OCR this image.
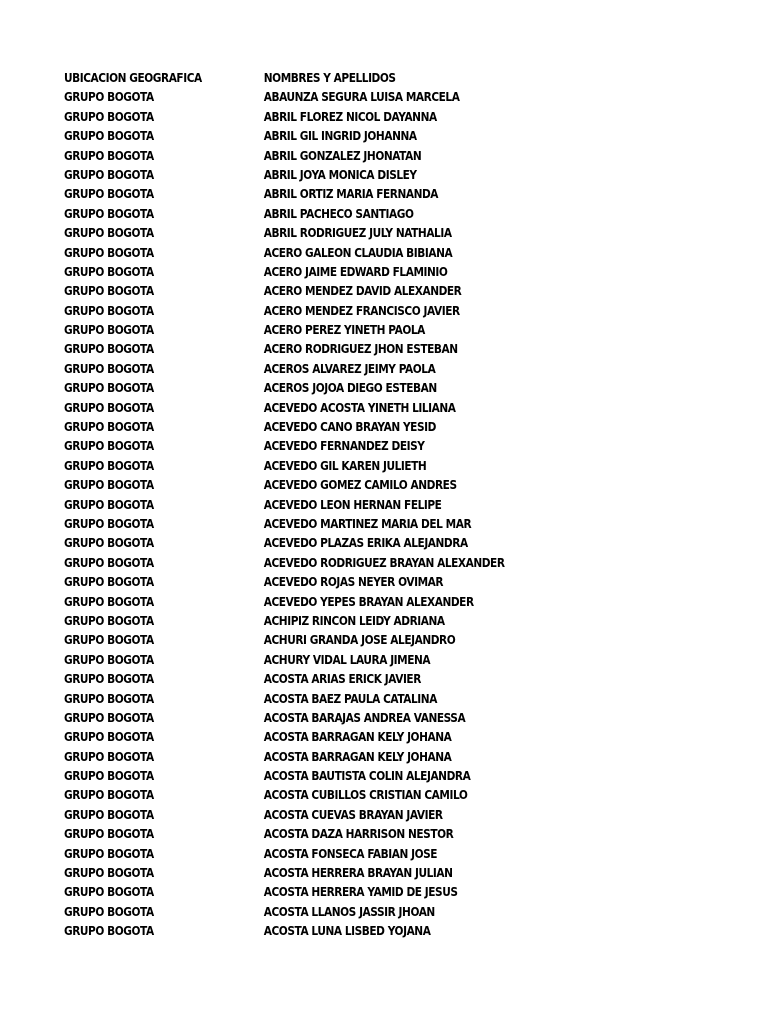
UBICACION GEOGRAFICA	NOMBRES Y APELLIDOS
GRUPO BOGOTA	ABAUNZA SEGURA LUISA MARCELA
GRUPO BOGOTA	ABRIL FLOREZ NICOL DAYANNA
GRUPO BOGOTA	ABRIL GIL INGRID JOHANNA
GRUPO BOGOTA	ABRIL GONZALEZ JHONATAN
GRUPO BOGOTA	ABRIL JOYA MONICA DISLEY
GRUPO BOGOTA	ABRIL ORTIZ MARIA FERNANDA
GRUPO BOGOTA	ABRIL PACHECO SANTIAGO
GRUPO BOGOTA	ABRIL RODRIGUEZ JULY NATHALIA
GRUPO BOGOTA	ACERO GALEON CLAUDIA BIBIANA
GRUPO BOGOTA	ACERO JAIME EDWARD FLAMINIO
GRUPO BOGOTA	ACERO MENDEZ DAVID ALEXANDER
GRUPO BOGOTA	ACERO MENDEZ FRANCISCO JAVIER
GRUPO BOGOTA	ACERO PEREZ YINETH PAOLA
GRUPO BOGOTA	ACERO RODRIGUEZ JHON ESTEBAN
GRUPO BOGOTA	ACEROS ALVAREZ JEIMY PAOLA
GRUPO BOGOTA	ACEROS JOJOA DIEGO ESTEBAN
GRUPO BOGOTA	ACEVEDO ACOSTA YINETH LILIANA
GRUPO BOGOTA	ACEVEDO CANO BRAYAN YESID
GRUPO BOGOTA	ACEVEDO FERNANDEZ DEISY
GRUPO BOGOTA	ACEVEDO GIL KAREN JULIETH
GRUPO BOGOTA	ACEVEDO GOMEZ CAMILO ANDRES
GRUPO BOGOTA	ACEVEDO LEON HERNAN FELIPE
GRUPO BOGOTA	ACEVEDO MARTINEZ MARIA DEL MAR
GRUPO BOGOTA	ACEVEDO PLAZAS ERIKA ALEJANDRA
GRUPO BOGOTA	ACEVEDO RODRIGUEZ BRAYAN ALEXANDER
GRUPO BOGOTA	ACEVEDO ROJAS NEYER OVIMAR
GRUPO BOGOTA	ACEVEDO YEPES BRAYAN ALEXANDER
GRUPO BOGOTA	ACHIPIZ RINCON LEIDY ADRIANA
GRUPO BOGOTA	ACHURI GRANDA JOSE ALEJANDRO
GRUPO BOGOTA	ACHURY VIDAL LAURA JIMENA
GRUPO BOGOTA	ACOSTA ARIAS ERICK JAVIER
GRUPO BOGOTA	ACOSTA BAEZ PAULA CATALINA
GRUPO BOGOTA	ACOSTA BARAJAS ANDREA VANESSA
GRUPO BOGOTA	ACOSTA BARRAGAN KELY JOHANA
GRUPO BOGOTA	ACOSTA BARRAGAN KELY JOHANA
GRUPO BOGOTA	ACOSTA BAUTISTA COLIN ALEJANDRA
GRUPO BOGOTA	ACOSTA CUBILLOS CRISTIAN CAMILO
GRUPO BOGOTA	ACOSTA CUEVAS BRAYAN JAVIER
GRUPO BOGOTA	ACOSTA DAZA HARRISON NESTOR
GRUPO BOGOTA	ACOSTA FONSECA FABIAN JOSE
GRUPO BOGOTA	ACOSTA HERRERA BRAYAN JULIAN
GRUPO BOGOTA	ACOSTA HERRERA YAMID DE JESUS
GRUPO BOGOTA	ACOSTA LLANOS JASSIR JHOAN
GRUPO BOGOTA	ACOSTA LUNA LISBED YOJANA
